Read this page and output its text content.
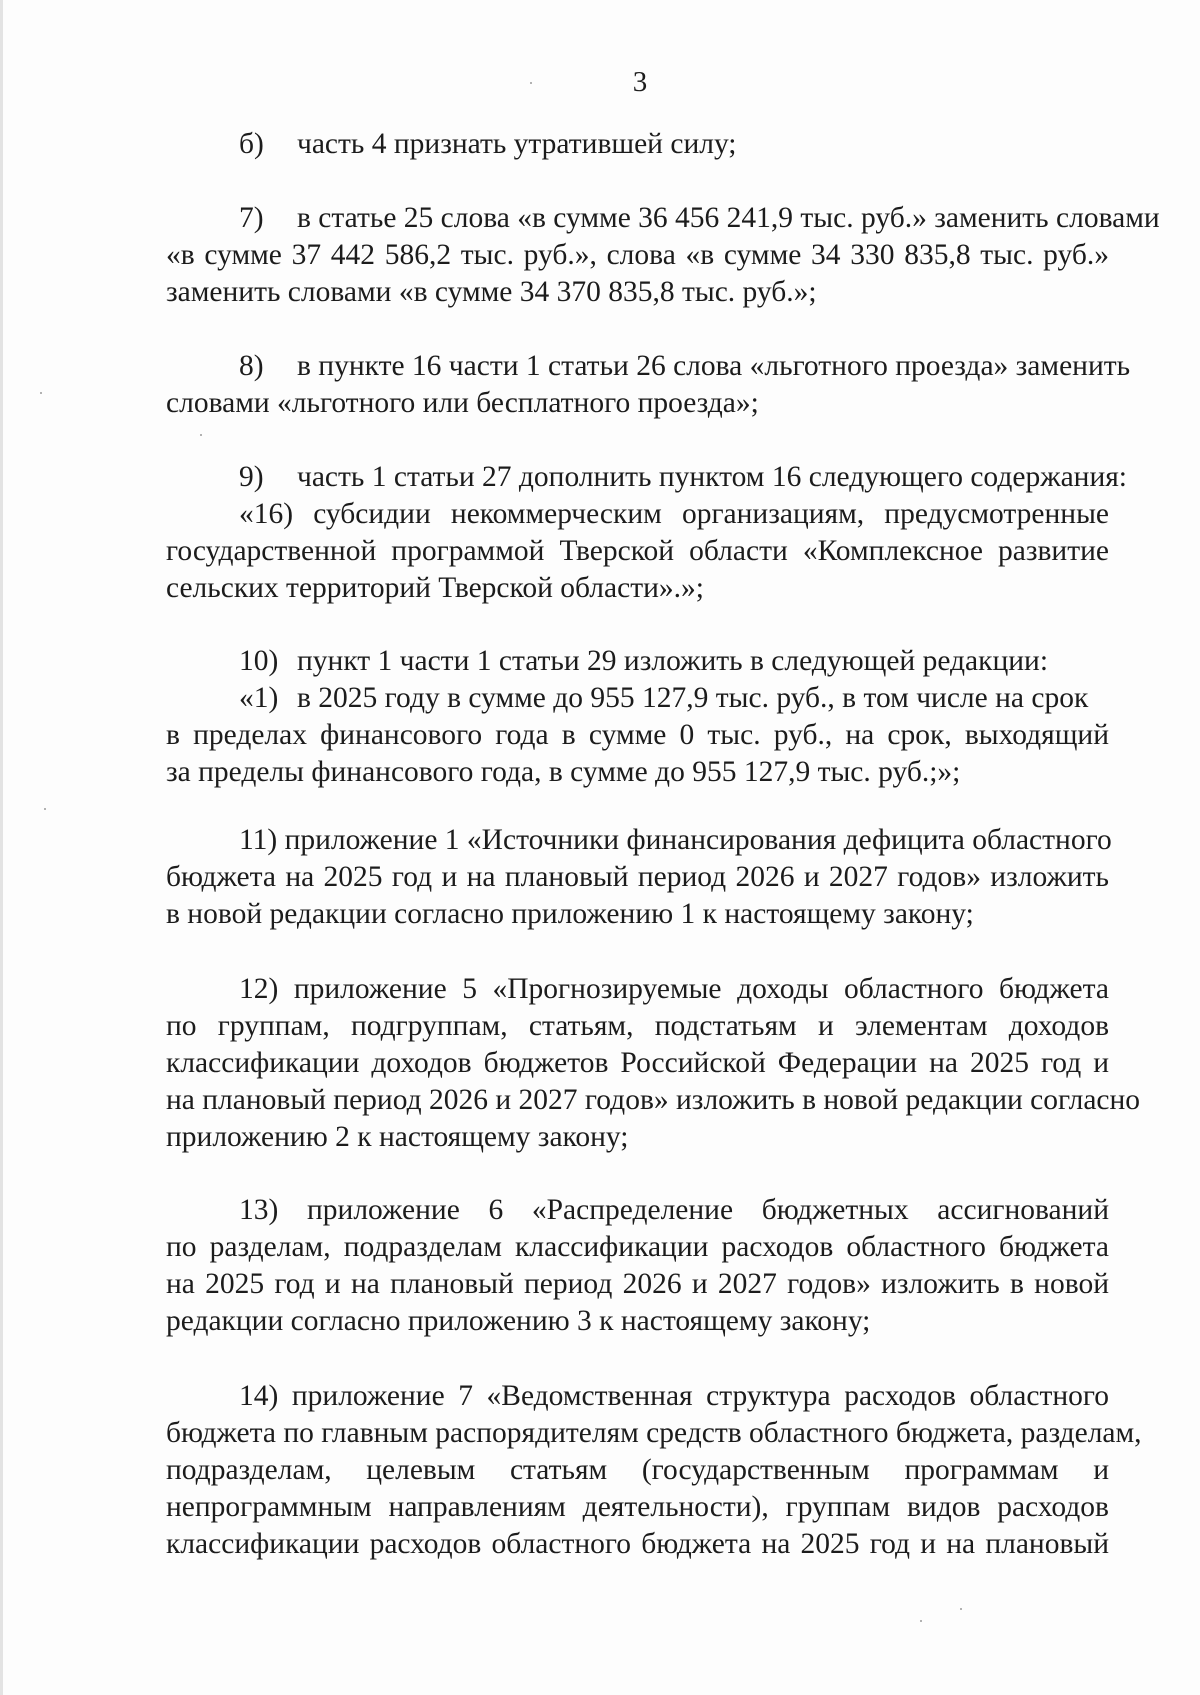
3

б) часть 4 признать утратившей силу;

7) в статье 25 слова «в сумме 36 456 241,9 тыс. руб.» заменить словами

«в сумме 37 442 586,2 тыс. руб.», слова «в сумме 34 330 835,8 тыс. руб.»

заменить словами «в сумме 34 370 835,8 тыс. руб.»;

8) в пункте 16 части 1 статьи 26 слова «льготного проезда» заменить

словами «льготного или бесплатного проезда»;

9) часть 1 статьи 27 дополнить пунктом 16 следующего содержания:

«16) субсидии некоммерческим организациям, предусмотренные

государственной программой Тверской области «Комплексное развитие

сельских территорий Тверской области».»;

10) пункт 1 части 1 статьи 29 изложить в следующей редакции:

«1) в 2025 году в сумме до 955 127,9 тыс. руб., в том числе на срок

в пределах финансового года в сумме 0 тыс. руб., на срок, выходящий

за пределы финансового года, в сумме до 955 127,9 тыс. руб.;»;

11) приложение 1 «Источники финансирования дефицита областного

бюджета на 2025 год и на плановый период 2026 и 2027 годов» изложить

в новой редакции согласно приложению 1 к настоящему закону;

12) приложение 5 «Прогнозируемые доходы областного бюджета

по группам, подгруппам, статьям, подстатьям и элементам доходов

классификации доходов бюджетов Российской Федерации на 2025 год и

на плановый период 2026 и 2027 годов» изложить в новой редакции согласно

приложению 2 к настоящему закону;

13) приложение 6 «Распределение бюджетных ассигнований

по разделам, подразделам классификации расходов областного бюджета

на 2025 год и на плановый период 2026 и 2027 годов» изложить в новой

редакции согласно приложению 3 к настоящему закону;

14) приложение 7 «Ведомственная структура расходов областного

бюджета по главным распорядителям средств областного бюджета, разделам,

подразделам, целевым статьям (государственным программам и

непрограммным направлениям деятельности), группам видов расходов

классификации расходов областного бюджета на 2025 год и на плановый
